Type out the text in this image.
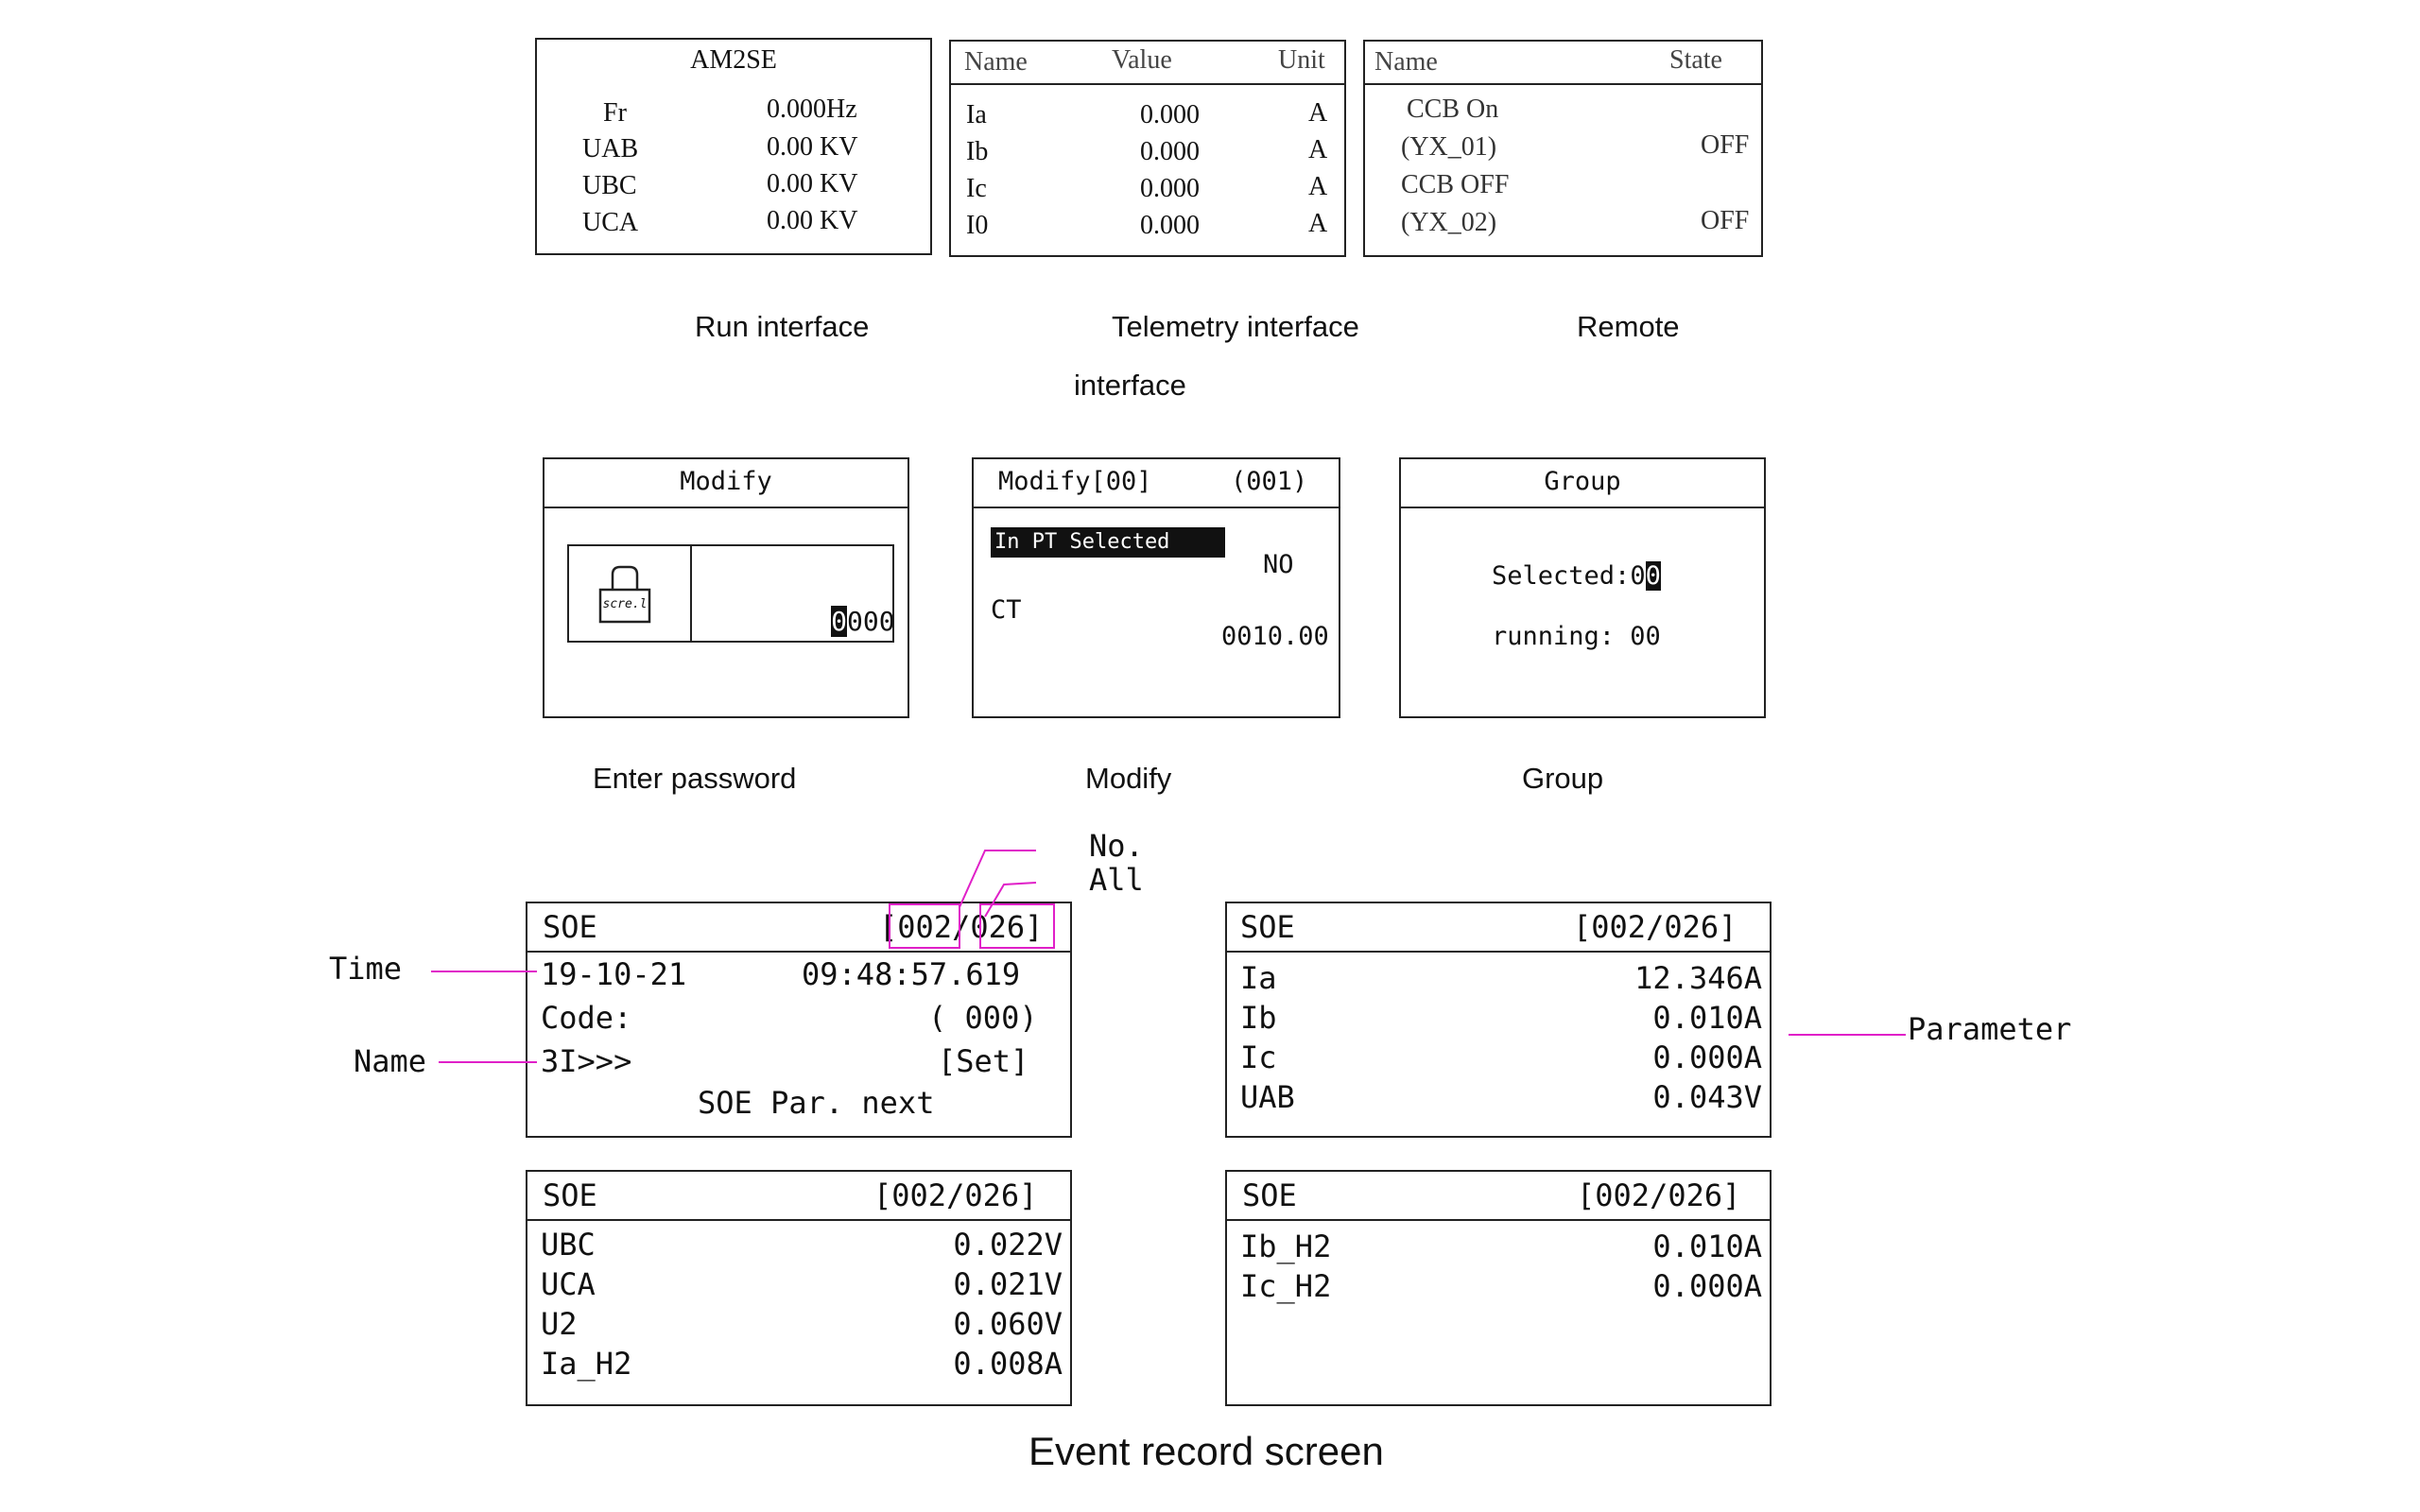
AM2SE
Fr	0.000Hz
UAB	0.00 KV
UBC	0.00 KV
UCA	0.00 KV
Run interface
Name	Value	Unit
Ia	0.000	A
Ib	0.000	A
Ic	0.000	A
I0	0.000	A
Telemetry interface
Name	State
CCB On
(YX_01)	OFF
CCB OFF
(YX_02)	OFF
Remote
interface
Modify
scre.l

0000

Enter password
Modify[00]	(001)
In PT Selected
NO
CT
0010.00
Modify
Group
Selected:00
running: 00
Group
SOE	[002/026]
19-10-21	09:48:57.619
Code:	( 000)
3I>>>	[Set]
SOE Par. next
No.
All
Time
Name
SOE	[002/026]
Ia	12.346A
Ib	0.010A
Ic	0.000A
UAB	0.043V
Parameter
SOE	[002/026]
UBC	0.022V
UCA	0.021V
U2	0.060V
Ia_H2	0.008A
SOE	[002/026]
Ib_H2	0.010A
Ic_H2	0.000A
Event record screen
